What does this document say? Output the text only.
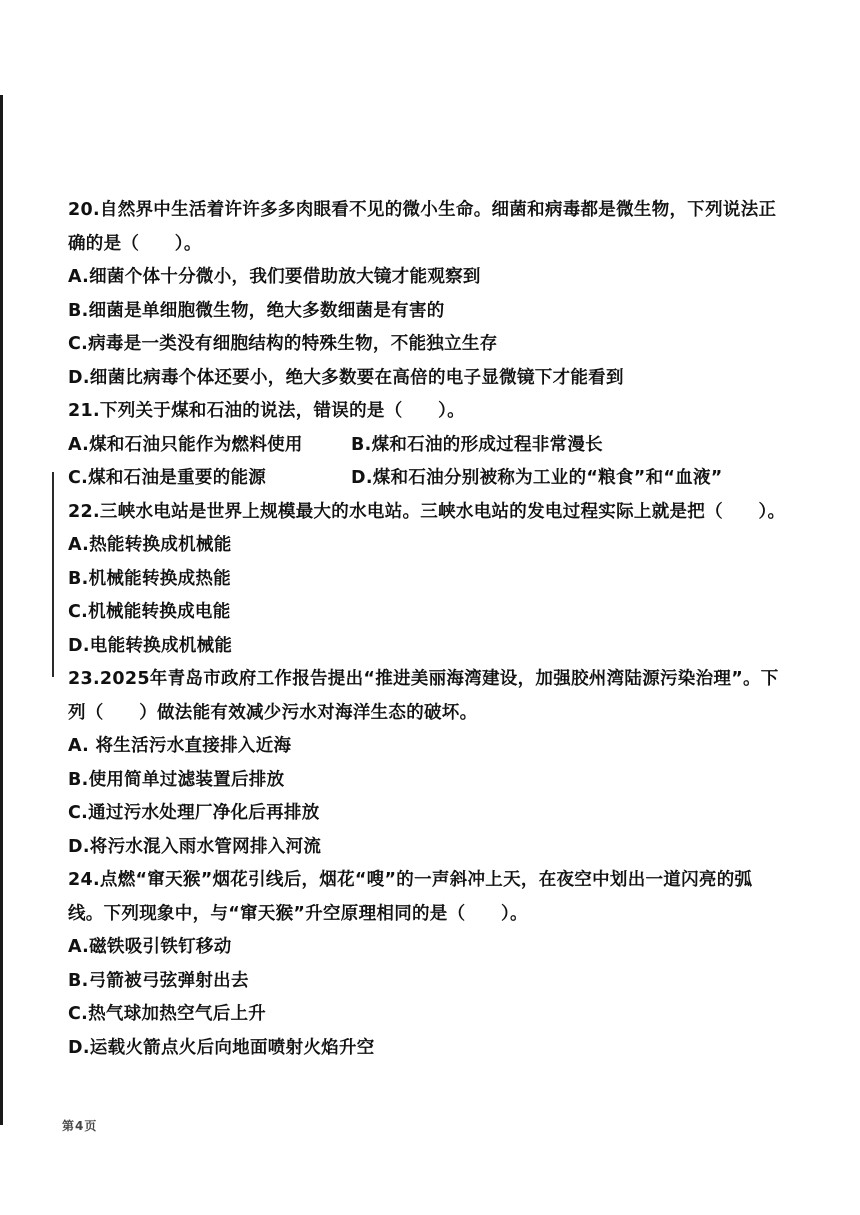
20.自然界中生活着许许多多肉眼看不见的微小生命。细菌和病毒都是微生物，下列说法正
确的是（　　）。
A.细菌个体十分微小，我们要借助放大镜才能观察到
B.细菌是单细胞微生物，绝大多数细菌是有害的
C.病毒是一类没有细胞结构的特殊生物，不能独立生存
D.细菌比病毒个体还要小，绝大多数要在高倍的电子显微镜下才能看到
21.下列关于煤和石油的说法，错误的是（　　）。
A.煤和石油只能作为燃料使用	B.煤和石油的形成过程非常漫长
C.煤和石油是重要的能源	D.煤和石油分别被称为工业的“粮食”和“血液”
22.三峡水电站是世界上规模最大的水电站。三峡水电站的发电过程实际上就是把（　　）。
A.热能转换成机械能
B.机械能转换成热能
C.机械能转换成电能
D.电能转换成机械能
23.2025年青岛市政府工作报告提出“推进美丽海湾建设，加强胶州湾陆源污染治理”。下
列（　　）做法能有效减少污水对海洋生态的破坏。
A. 将生活污水直接排入近海
B.使用简单过滤装置后排放
C.通过污水处理厂净化后再排放
D.将污水混入雨水管网排入河流
24.点燃“窜天猴”烟花引线后，烟花“嗖”的一声斜冲上天，在夜空中划出一道闪亮的弧
线。下列现象中，与“窜天猴”升空原理相同的是（　　）。
A.磁铁吸引铁钉移动
B.弓箭被弓弦弹射出去
C.热气球加热空气后上升
D.运载火箭点火后向地面喷射火焰升空
第4页
